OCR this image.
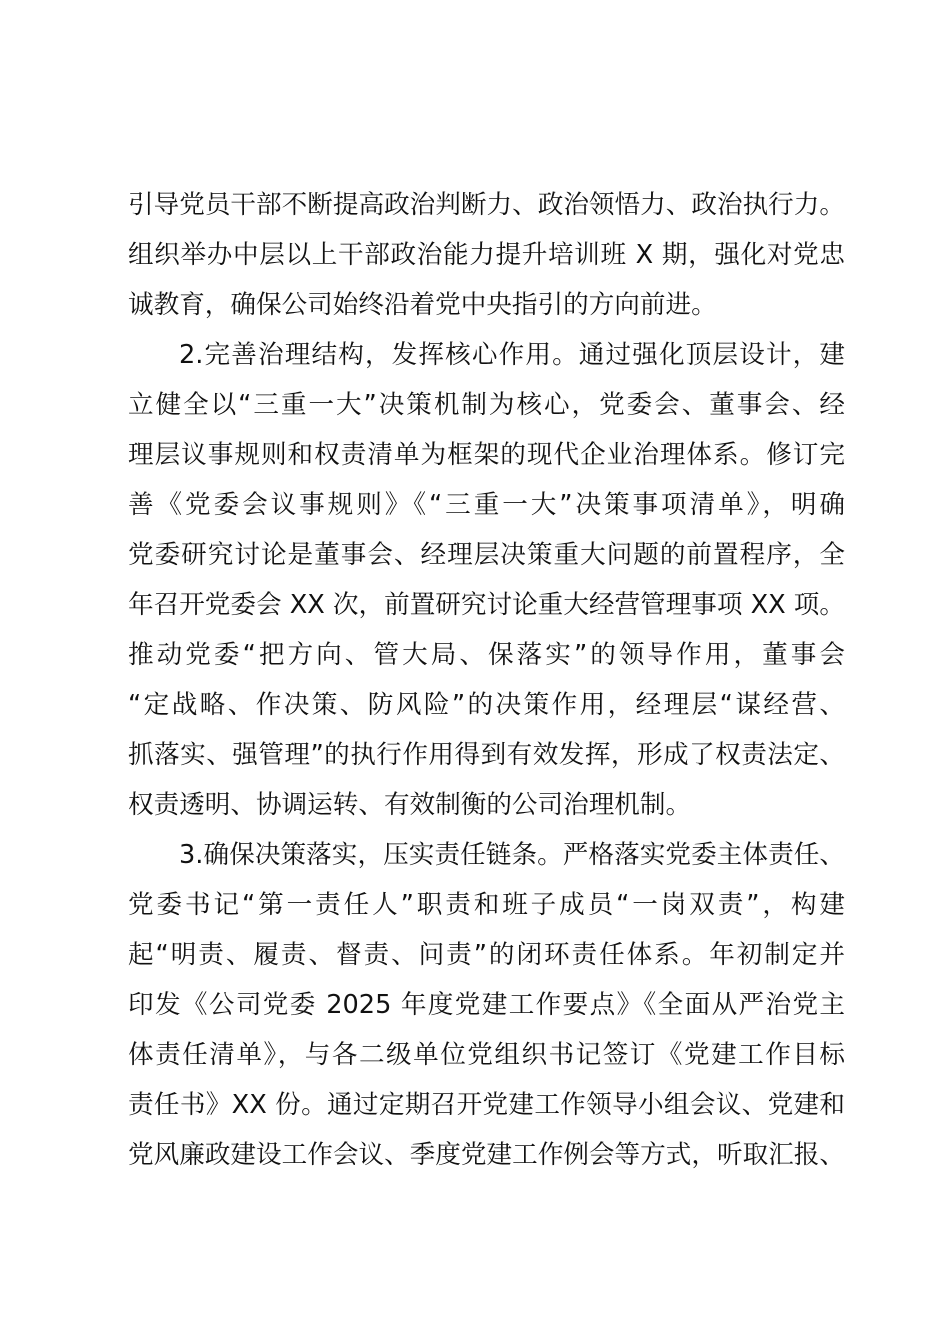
引导党员干部不断提高政治判断力、政治领悟力、政治执行力。
组织举办中层以上干部政治能力提升培训班 X 期，强化对党忠
诚教育，确保公司始终沿着党中央指引的方向前进。
2.完善治理结构，发挥核心作用。通过强化顶层设计，建
立健全以“三重一大”决策机制为核心，党委会、董事会、经
理层议事规则和权责清单为框架的现代企业治理体系。修订完
善《党委会议事规则》《“三重一大”决策事项清单》，明确
党委研究讨论是董事会、经理层决策重大问题的前置程序，全
年召开党委会 XX 次，前置研究讨论重大经营管理事项 XX 项。
推动党委“把方向、管大局、保落实”的领导作用，董事会
“定战略、作决策、防风险”的决策作用，经理层“谋经营、
抓落实、强管理”的执行作用得到有效发挥，形成了权责法定、
权责透明、协调运转、有效制衡的公司治理机制。
3.确保决策落实，压实责任链条。严格落实党委主体责任、
党委书记“第一责任人”职责和班子成员“一岗双责”，构建
起“明责、履责、督责、问责”的闭环责任体系。年初制定并
印发《公司党委 2025 年度党建工作要点》《全面从严治党主
体责任清单》，与各二级单位党组织书记签订《党建工作目标
责任书》XX 份。通过定期召开党建工作领导小组会议、党建和
党风廉政建设工作会议、季度党建工作例会等方式，听取汇报、
